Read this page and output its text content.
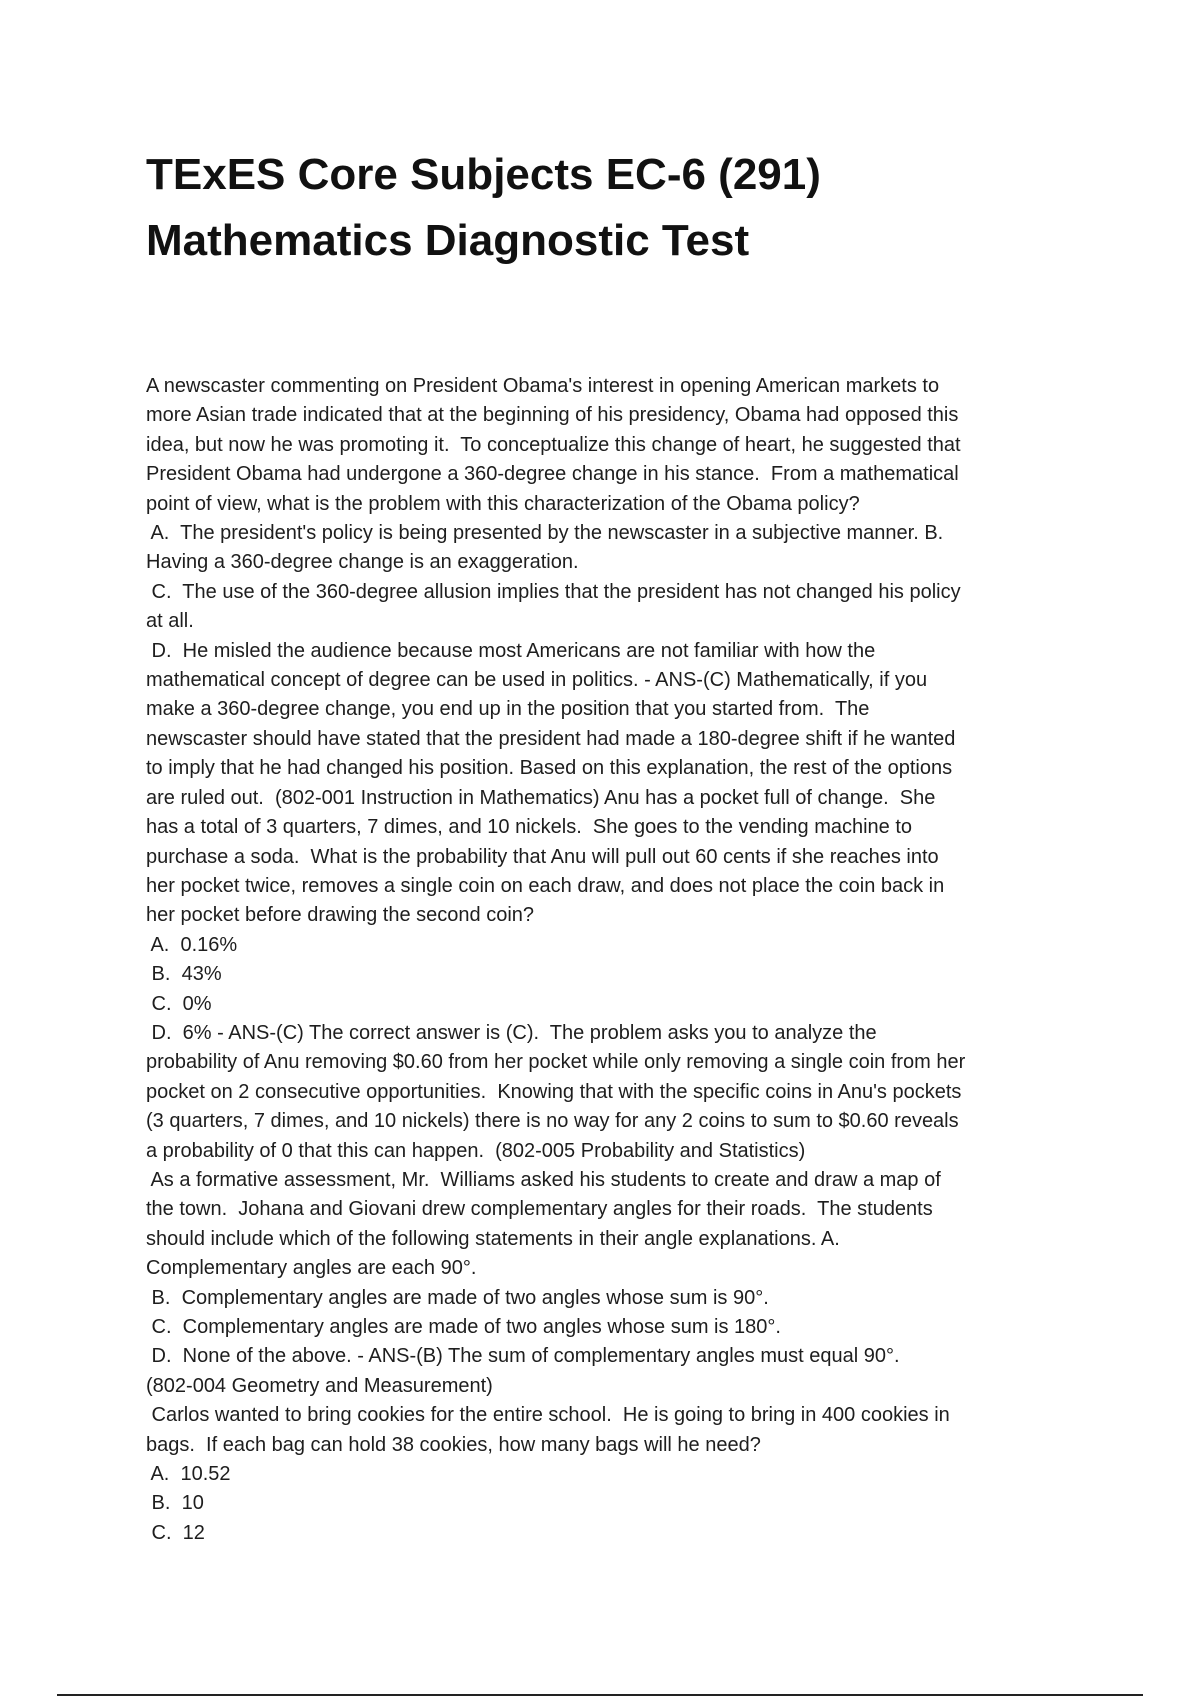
TExES Core Subjects EC-6 (291)
Mathematics Diagnostic Test

A newscaster commenting on President Obama's interest in opening American markets to

more Asian trade indicated that at the beginning of his presidency, Obama had opposed this

idea, but now he was promoting it.  To conceptualize this change of heart, he suggested that

President Obama had undergone a 360-degree change in his stance.  From a mathematical

point of view, what is the problem with this characterization of the Obama policy?

A.  The president's policy is being presented by the newscaster in a subjective manner. B.

Having a 360-degree change is an exaggeration.

C.  The use of the 360-degree allusion implies that the president has not changed his policy

at all.

D.  He misled the audience because most Americans are not familiar with how the

mathematical concept of degree can be used in politics. - ANS-(C) Mathematically, if you

make a 360-degree change, you end up in the position that you started from.  The

newscaster should have stated that the president had made a 180-degree shift if he wanted

to imply that he had changed his position. Based on this explanation, the rest of the options

are ruled out.  (802-001 Instruction in Mathematics) Anu has a pocket full of change.  She

has a total of 3 quarters, 7 dimes, and 10 nickels.  She goes to the vending machine to

purchase a soda.  What is the probability that Anu will pull out 60 cents if she reaches into

her pocket twice, removes a single coin on each draw, and does not place the coin back in

her pocket before drawing the second coin?

A.  0.16%

B.  43%

C.  0%

D.  6% - ANS-(C) The correct answer is (C).  The problem asks you to analyze the

probability of Anu removing $0.60 from her pocket while only removing a single coin from her

pocket on 2 consecutive opportunities.  Knowing that with the specific coins in Anu's pockets

(3 quarters, 7 dimes, and 10 nickels) there is no way for any 2 coins to sum to $0.60 reveals

a probability of 0 that this can happen.  (802-005 Probability and Statistics)

As a formative assessment, Mr.  Williams asked his students to create and draw a map of

the town.  Johana and Giovani drew complementary angles for their roads.  The students

should include which of the following statements in their angle explanations. A.

Complementary angles are each 90°.

B.  Complementary angles are made of two angles whose sum is 90°.

C.  Complementary angles are made of two angles whose sum is 180°.

D.  None of the above. - ANS-(B) The sum of complementary angles must equal 90°.

(802-004 Geometry and Measurement)

Carlos wanted to bring cookies for the entire school.  He is going to bring in 400 cookies in

bags.  If each bag can hold 38 cookies, how many bags will he need?

A.  10.52

B.  10

C.  12
